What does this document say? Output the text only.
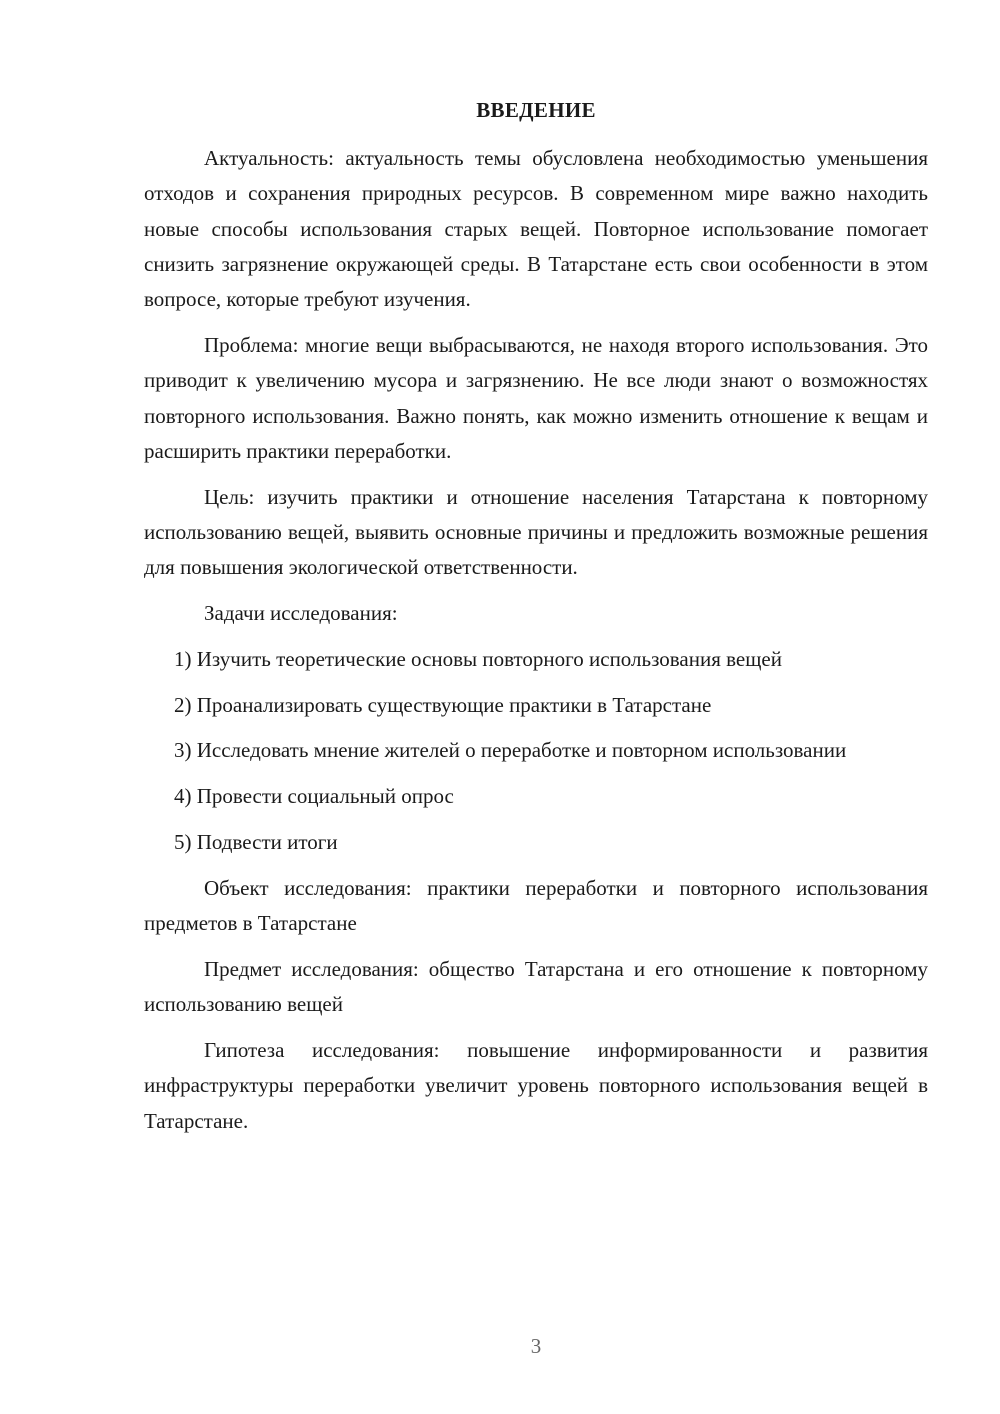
ВВЕДЕНИЕ

Актуальность: актуальность темы обусловлена необходимостью уменьшения отходов и сохранения природных ресурсов. В современном мире важно находить новые способы использования старых вещей. Повторное использование помогает снизить загрязнение окружающей среды. В Татарстане есть свои особенности в этом вопросе, которые требуют изучения.

Проблема: многие вещи выбрасываются, не находя второго использования. Это приводит к увеличению мусора и загрязнению. Не все люди знают о возможностях повторного использования. Важно понять, как можно изменить отношение к вещам и расширить практики переработки.

Цель: изучить практики и отношение населения Татарстана к повторному использованию вещей, выявить основные причины и предложить возможные решения для повышения экологической ответственности.

Задачи исследования:

1) Изучить теоретические основы повторного использования вещей

2) Проанализировать существующие практики в Татарстане

3) Исследовать мнение жителей о переработке и повторном использовании

4) Провести социальный опрос

5) Подвести итоги

Объект исследования: практики переработки и повторного использования предметов в Татарстане

Предмет исследования: общество Татарстана и его отношение к повторному использованию вещей

Гипотеза исследования: повышение информированности и развития инфраструктуры переработки увеличит уровень повторного использования вещей в Татарстане.

3
